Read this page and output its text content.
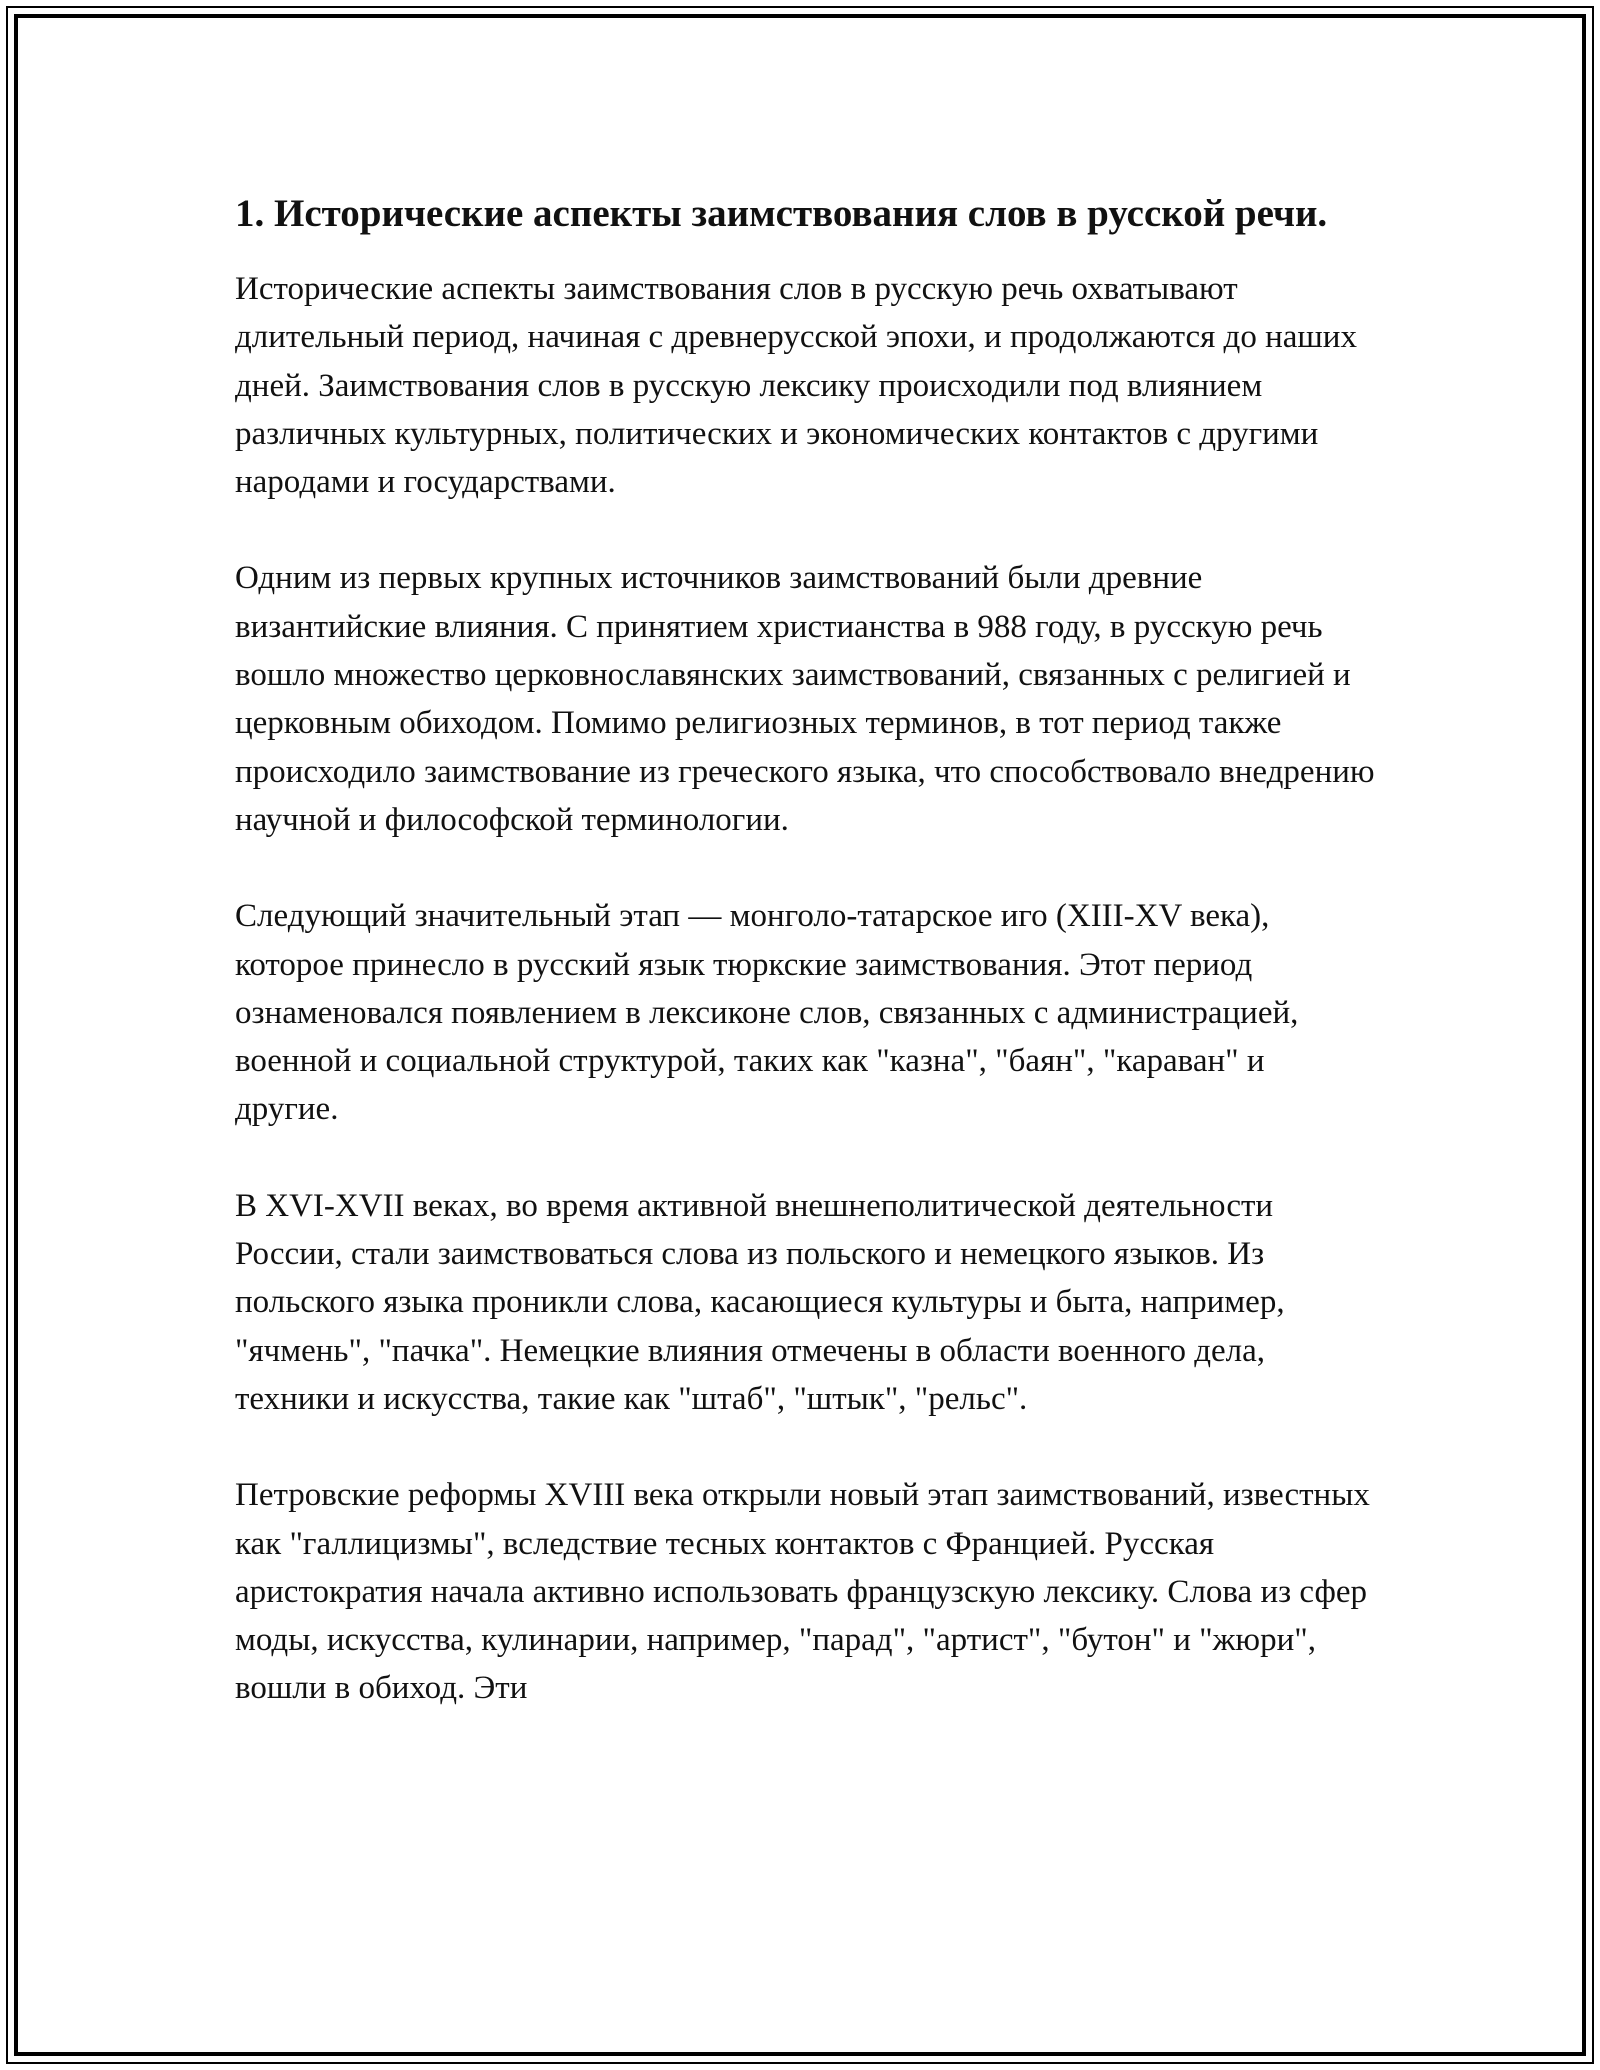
1. Исторические аспекты заимствования слов в русской речи.

Исторические аспекты заимствования слов в русскую речь охватывают длительный период, начиная с древнерусской эпохи, и продолжаются до наших дней. Заимствования слов в русскую лексику происходили под влиянием различных культурных, политических и экономических контактов с другими народами и государствами.

Одним из первых крупных источников заимствований были древние византийские влияния. С принятием христианства в 988 году, в русскую речь вошло множество церковнославянских заимствований, связанных с религией и церковным обиходом. Помимо религиозных терминов, в тот период также происходило заимствование из греческого языка, что способствовало внедрению научной и философской терминологии.

Следующий значительный этап — монголо-татарское иго (XIII-XV века), которое принесло в русский язык тюркские заимствования. Этот период ознаменовался появлением в лексиконе слов, связанных с администрацией, военной и социальной структурой, таких как "казна", "баян", "караван" и другие.

В XVI-XVII веках, во время активной внешнеполитической деятельности России, стали заимствоваться слова из польского и немецкого языков. Из польского языка проникли слова, касающиеся культуры и быта, например, "ячмень", "пачка". Немецкие влияния отмечены в области военного дела, техники и искусства, такие как "штаб", "штык", "рельс".

Петровские реформы XVIII века открыли новый этап заимствований, известных как "галлицизмы", вследствие тесных контактов с Францией. Русская аристократия начала активно использовать французскую лексику. Слова из сфер моды, искусства, кулинарии, например, "парад", "артист", "бутон" и "жюри", вошли в обиход. Эти
